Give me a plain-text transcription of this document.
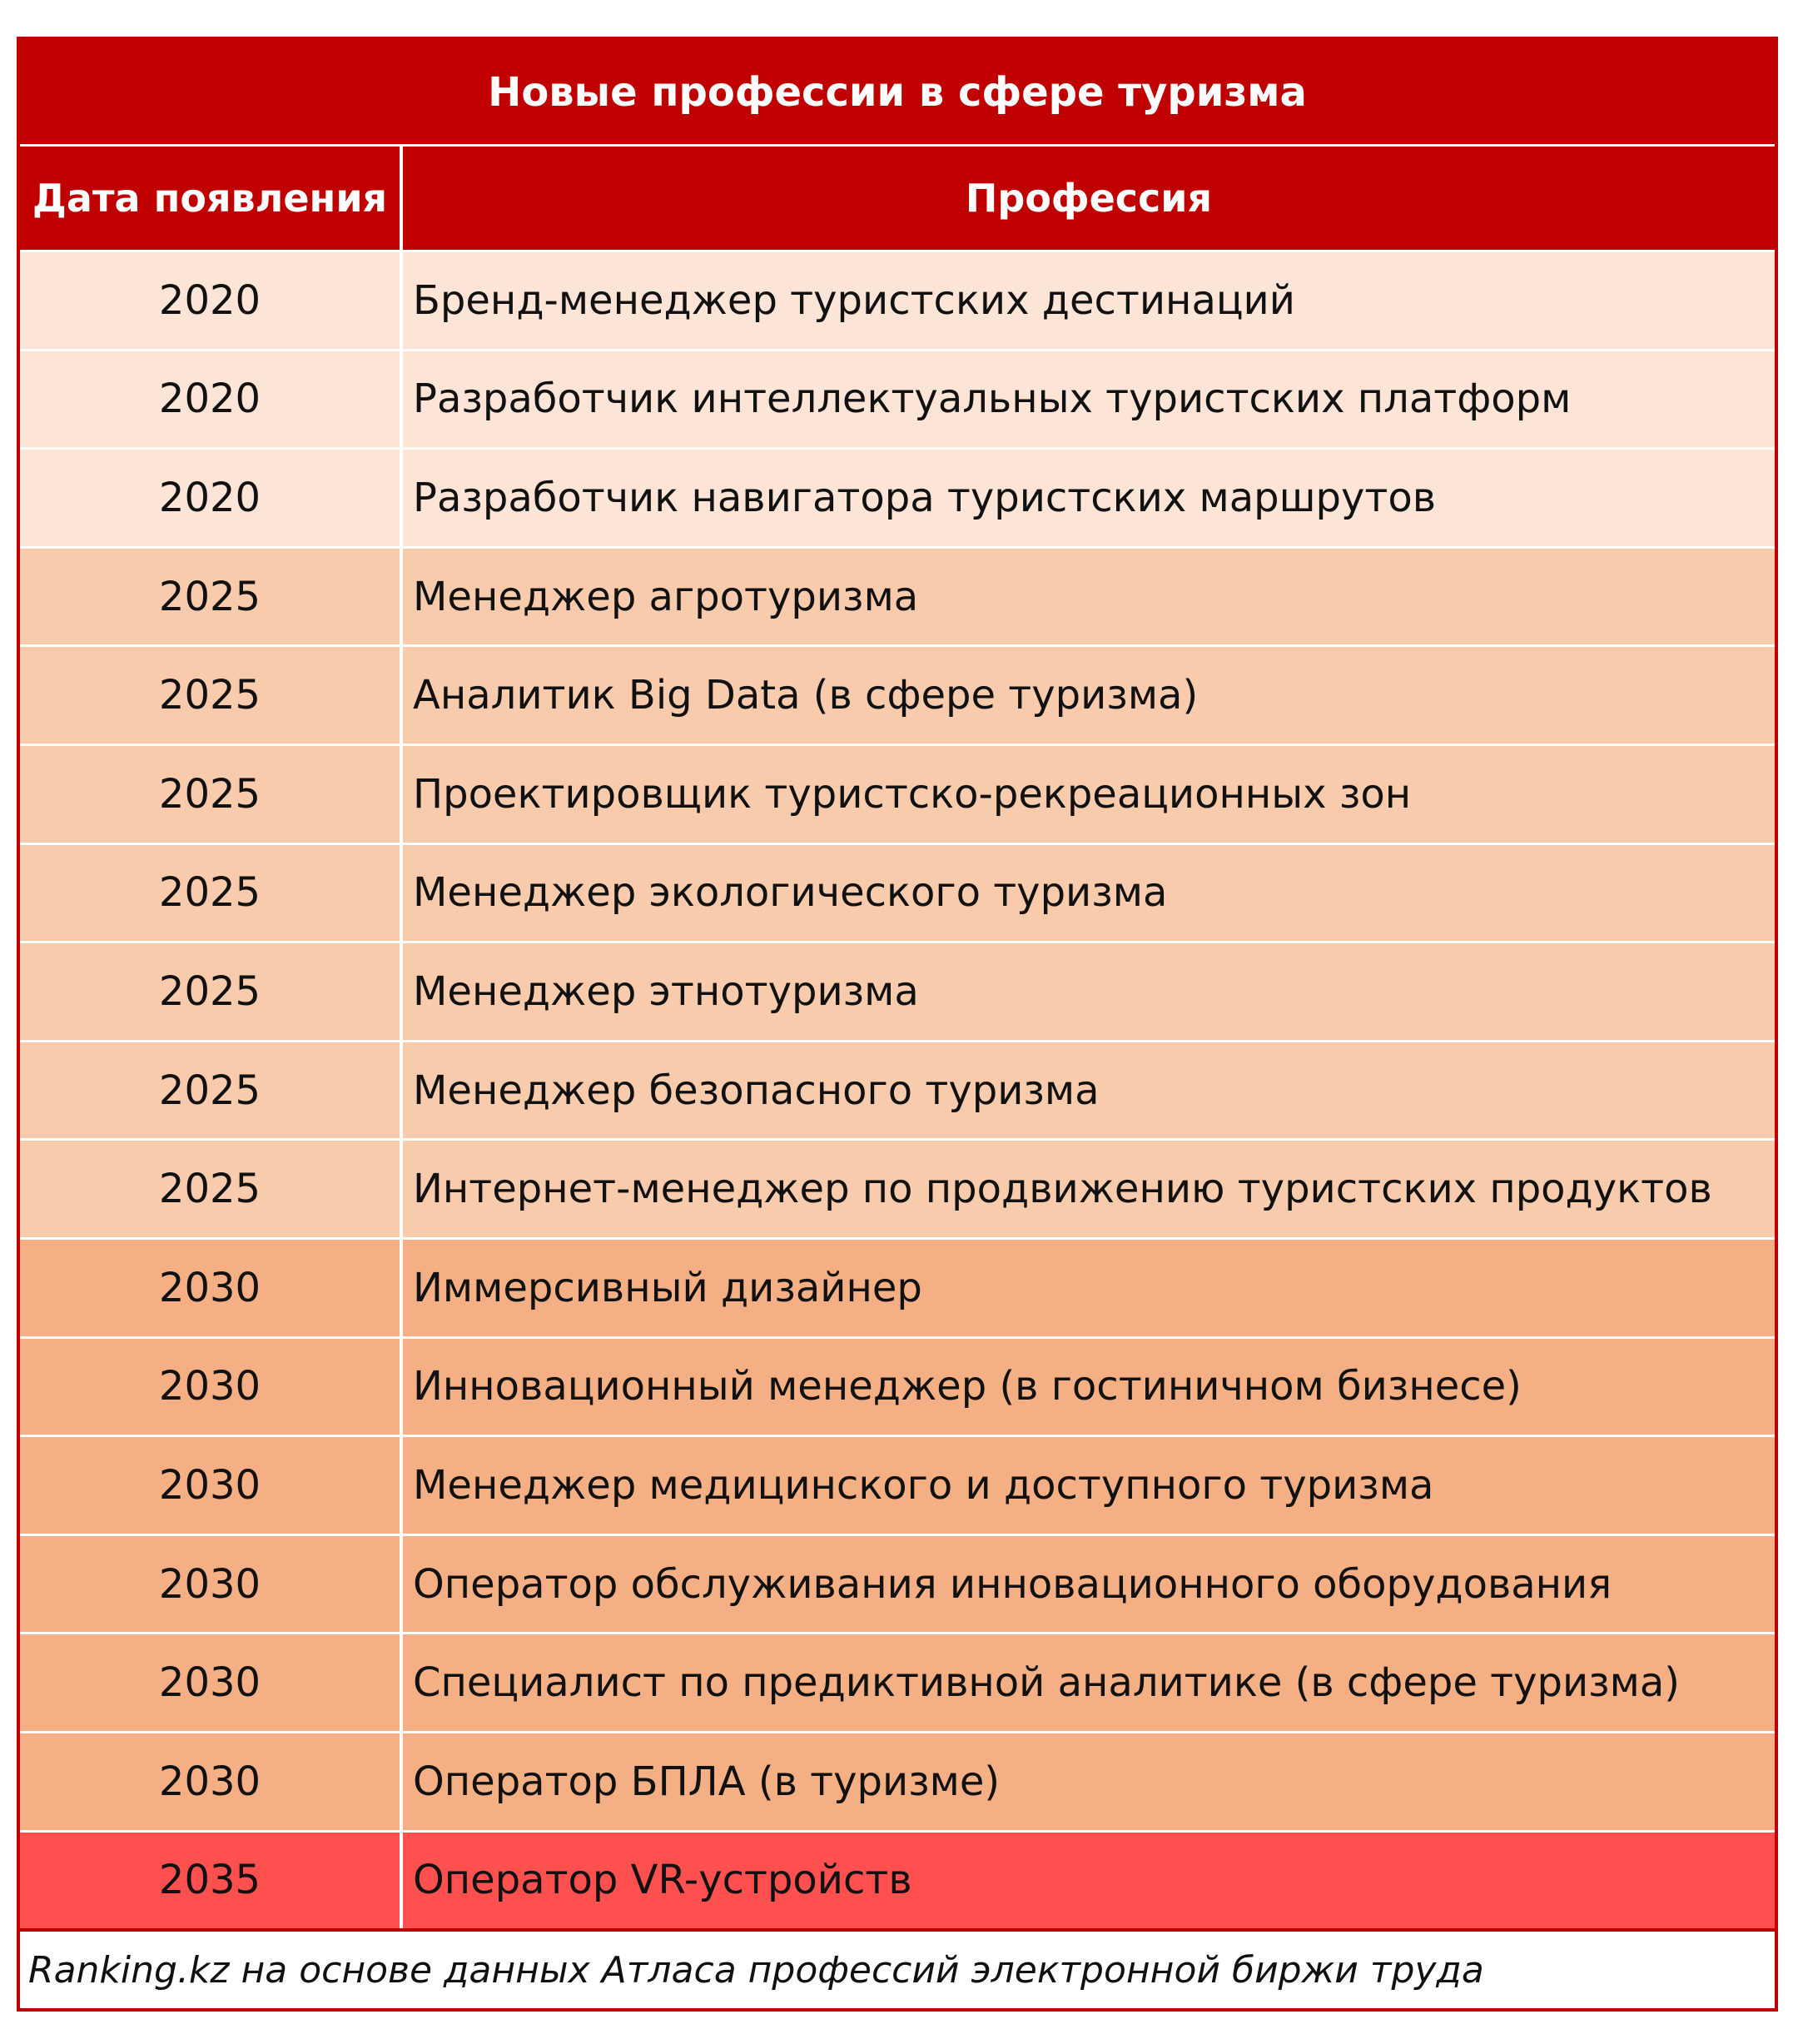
Новые профессии в сфере туризма
Дата появления	Профессия
2020	Бренд-менеджер туристских дестинаций
2020	Разработчик интеллектуальных туристских платформ
2020	Разработчик навигатора туристских маршрутов
2025	Менеджер агротуризма
2025	Аналитик Big Data (в сфере туризма)
2025	Проектировщик туристско-рекреационных зон
2025	Менеджер экологического туризма
2025	Менеджер этнотуризма
2025	Менеджер безопасного туризма
2025	Интернет-менеджер по продвижению туристских продуктов
2030	Иммерсивный дизайнер
2030	Инновационный менеджер (в гостиничном бизнесе)
2030	Менеджер медицинского и доступного туризма
2030	Оператор обслуживания инновационного оборудования
2030	Специалист по предиктивной аналитике (в сфере туризма)
2030	Оператор БПЛА (в туризме)
2035	Оператор VR-устройств
Ranking.kz на основе данных Атласа профессий электронной биржи труда
